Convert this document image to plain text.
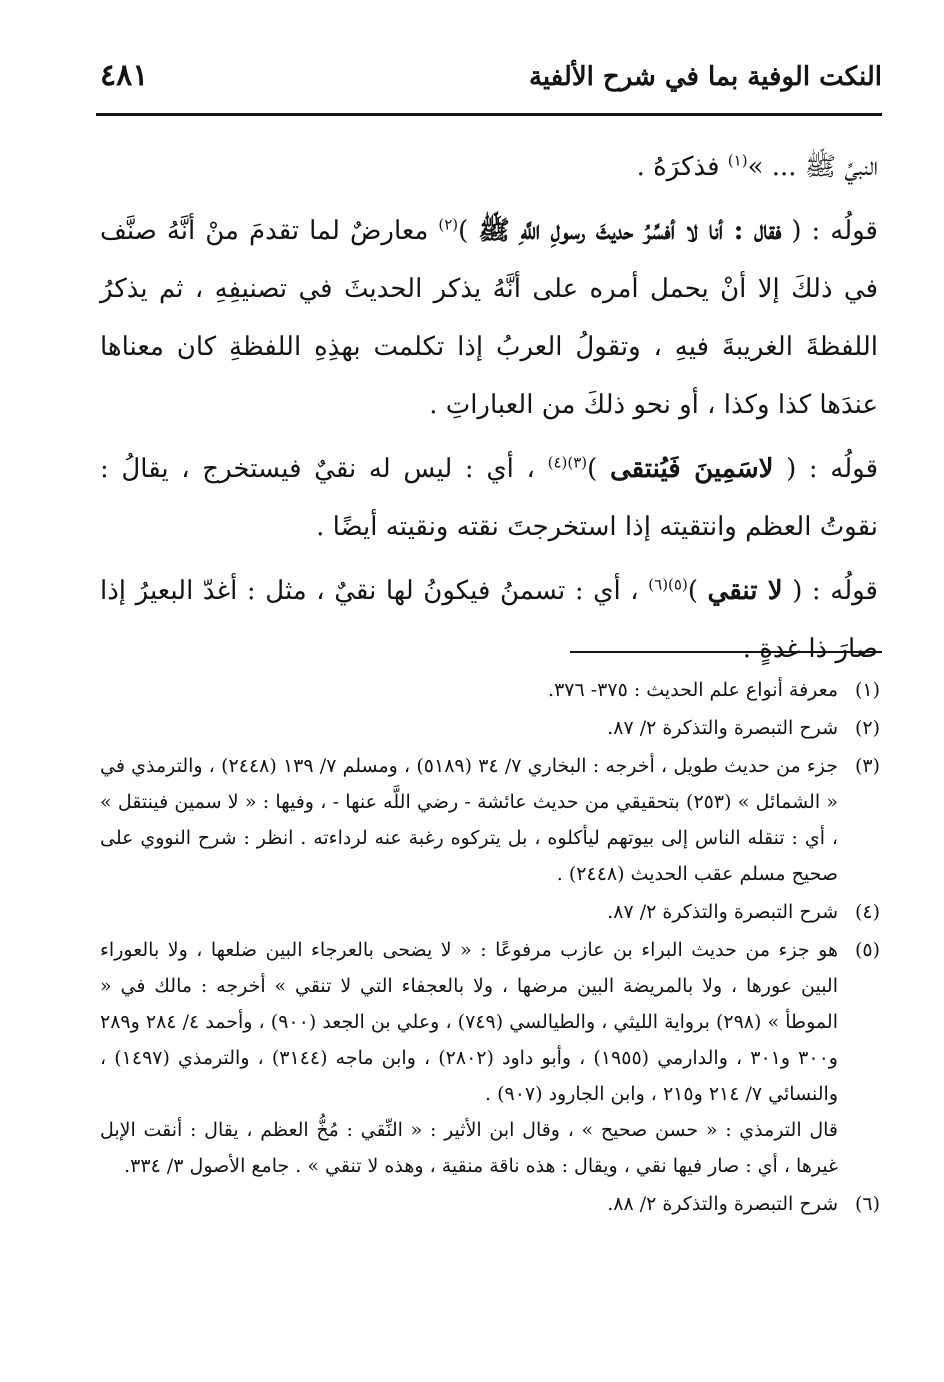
النكت الوفية بما في شرح الألفية
٤٨١

النبيِّ ﷺ ... »$^{(١)}$ فذكرَهُ .

قولُه : ( فقال : أنا لا أفسِّرُ حديثَ رسولِ اللَّهِ ﷺ )$^{(٢)}$ معارضٌ لما تقدمَ منْ أنَّهُ صنَّف في ذلكَ إلا أنْ يحمل أمره على أنَّهُ يذكر الحديثَ في تصنيفِهِ ، ثم يذكرُ اللفظةَ الغريبةَ فيهِ ، وتقولُ العربُ إذا تكلمت بهذِهِ اللفظةِ كان معناها عندَها كذا وكذا ، أو نحو ذلكَ من العباراتِ .

قولُه : ( لاسَمِينَ فَيُنتقى )$^{(٣)(٤)}$ ، أي : ليس له نقيٌ فيستخرج ، يقالُ : نقوتُ العظم وانتقيته إذا استخرجتَ نقته ونقيته أيضًا .

قولُه : ( لا تنقي )$^{(٥)(٦)}$ ، أي : تسمنُ فيكونُ لها نقيٌ ، مثل : أغدّ البعيرُ إذا صارَ ذا غدةٍ .

(١)

معرفة أنواع علم الحديث : ٣٧٥- ٣٧٦.

(٢)

شرح التبصرة والتذكرة ٢/ ٨٧.

(٣)

جزء من حديث طويل ، أخرجه : البخاري ٧/ ٣٤ (٥١٨٩) ، ومسلم ٧/ ١٣٩ (٢٤٤٨) ، والترمذي في « الشمائل » (٢٥٣) بتحقيقي من حديث عائشة - رضي اللَّه عنها - ، وفيها : « لا سمين فينتقل » ، أي : تنقله الناس إلى بيوتهم ليأكلوه ، بل يتركوه رغبة عنه لرداءته . انظر : شرح النووي على صحيح مسلم عقب الحديث (٢٤٤٨) .

(٤)

شرح التبصرة والتذكرة ٢/ ٨٧.

(٥)

هو جزء من حديث البراء بن عازب مرفوعًا : « لا يضحى بالعرجاء البين ضلعها ، ولا بالعوراء البين عورها ، ولا بالمريضة البين مرضها ، ولا بالعجفاء التي لا تنقي » أخرجه : مالك في « الموطأ » (٢٩٨) برواية الليثي ، والطيالسي (٧٤٩) ، وعلي بن الجعد (٩٠٠) ، وأحمد ٤/ ٢٨٤ و٢٨٩ و٣٠٠ و٣٠١ ، والدارمي (١٩٥٥) ، وأبو داود (٢٨٠٢) ، وابن ماجه (٣١٤٤) ، والترمذي (١٤٩٧) ، والنسائي ٧/ ٢١٤ و٢١٥ ، وابن الجارود (٩٠٧) .

قال الترمذي : « حسن صحيح » ، وقال ابن الأثير : « النِّقي : مُخُّ العظم ، يقال : أنقت الإبل غيرها ، أي : صار فيها نقي ، ويقال : هذه ناقة منقية ، وهذه لا تنقي » . جامع الأصول ٣/ ٣٣٤.

(٦)

شرح التبصرة والتذكرة ٢/ ٨٨.
